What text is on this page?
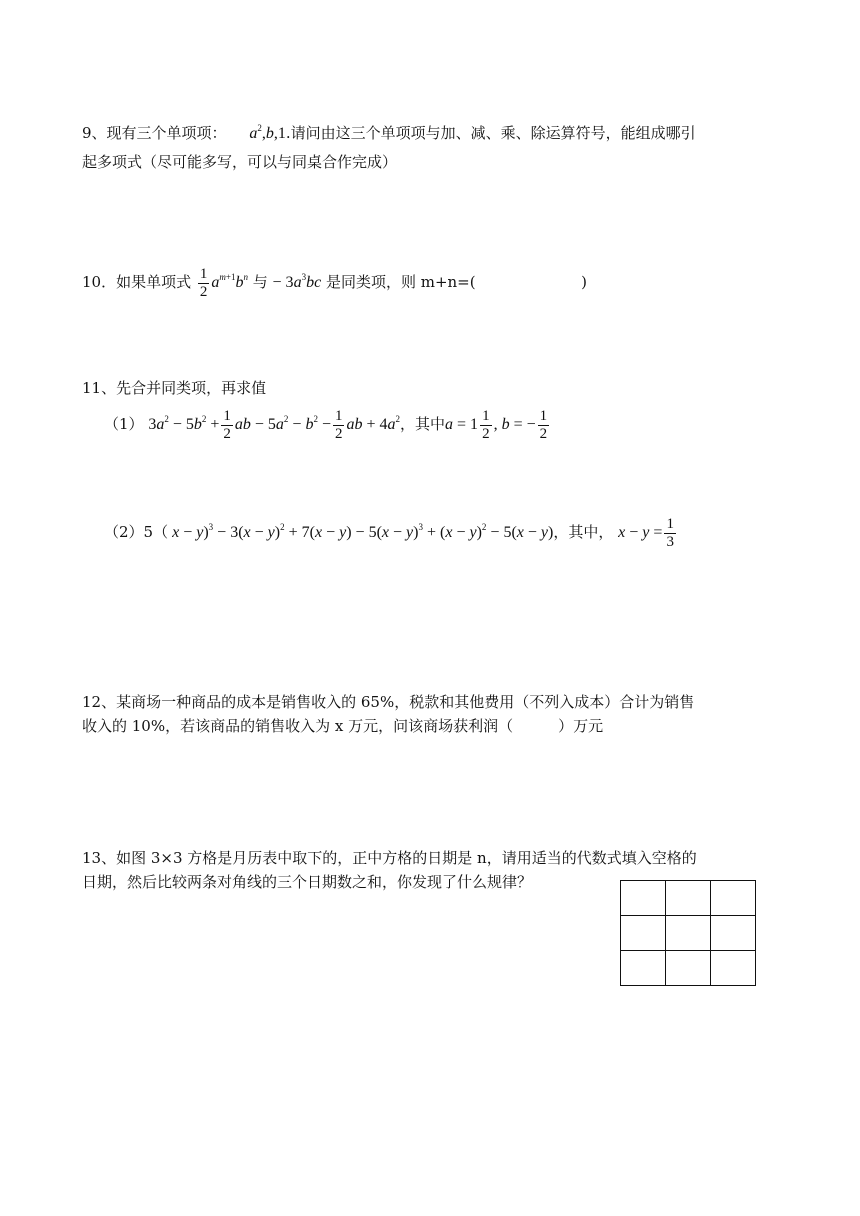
9、现有三个单项项： $a^2,b,1$.请问由这三个单项项与加、减、乘、除运算符号，能组成哪引
起多项式（尽可能多写，可以与同桌合作完成）
10．如果单项式 $\frac{1}{2} a^{m+1}b^n$ 与 − $3a^3bc$ 是同类项，则 m+n=(	)
11、先合并同类项，再求值
（1） $3a^2 - 5b^2 + \frac{1}{2}$ ab − $5a^2 - b^2 - \frac{1}{2}$ ab + $4a^2$，其中$a = 1 \frac{1}{2}$ , b = − $\frac{1}{2}$
（2）5（ $x - y)^3 - 3(x - y)^2 + 7(x - y) - 5(x - y)^3 + (x - y)^2 - 5(x - y)$，其中， $x - y = \frac{1}{3}$
12、某商场一种商品的成本是销售收入的 65%，税款和其他费用（不列入成本）合计为销售
收入的 10%，若该商品的销售收入为 x 万元，问该商场获利润（　　　）万元
13、如图 3×3 方格是月历表中取下的，正中方格的日期是 n，请用适当的代数式填入空格的
日期，然后比较两条对角线的三个日期数之和，你发现了什么规律？
